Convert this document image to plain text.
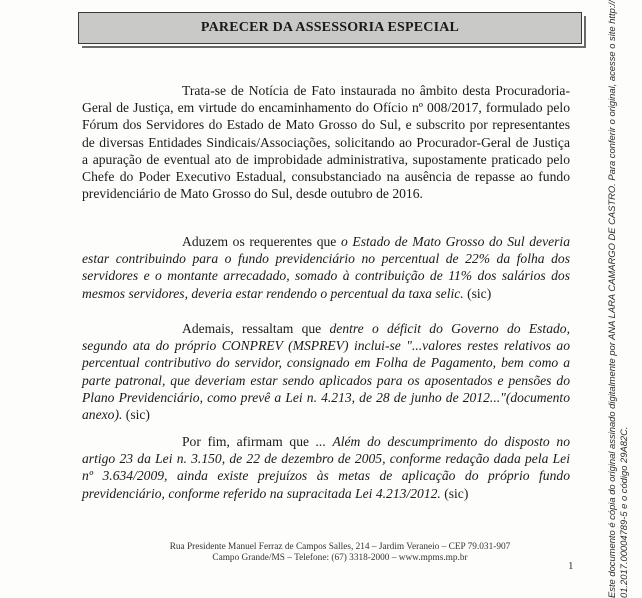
PARECER DA ASSESSORIA ESPECIAL

Trata-se de Notícia de Fato instaurada no âmbito desta Procuradoria-Geral de Justiça, em virtude do encaminhamento do Ofício nº 008/2017, formulado pelo Fórum dos Servidores do Estado de Mato Grosso do Sul, e subscrito por representantes de diversas Entidades Sindicais/Associações, solicitando ao Procurador-Geral de Justiça a apuração de eventual ato de improbidade administrativa, supostamente praticado pelo Chefe do Poder Executivo Estadual, consubstanciado na ausência de repasse ao fundo previdenciário de Mato Grosso do Sul, desde outubro de 2016.

Aduzem os requerentes que o Estado de Mato Grosso do Sul deveria estar contribuindo para o fundo previdenciário no percentual de 22% da folha dos servidores e o montante arrecadado, somado à contribuição de 11% dos salários dos mesmos servidores, deveria estar rendendo o percentual da taxa selic. (sic)

Ademais, ressaltam que dentre o déficit do Governo do Estado, segundo ata do próprio CONPREV (MSPREV) inclui-se "...valores restes relativos ao percentual contributivo do servidor, consignado em Folha de Pagamento, bem como a parte patronal, que deveriam estar sendo aplicados para os aposentados e pensões do Plano Previdenciário, como prevê a Lei n. 4.213, de 28 de junho de 2012..."(documento anexo). (sic)

Por fim, afirmam que ... Além do descumprimento do disposto no artigo 23 da Lei n. 3.150, de 22 de dezembro de 2005, conforme redação dada pela Lei nº 3.634/2009, ainda existe prejuízos às metas de aplicação do próprio fundo previdenciário, conforme referido na supracitada Lei 4.213/2012. (sic)

Rua Presidente Manuel Ferraz de Campos Salles, 214 – Jardim Veraneio – CEP 79.031-907
Campo Grande/MS – Telefone: (67) 3318-2000 – www.mpms.mp.br
1	Este documento é cópia do original assinado digitalmente por ANA LARA CAMARGO DE CASTRO. Para conferir o original, acesse o site http:// 01.2017.00004789-5 e o código 29A82C.
